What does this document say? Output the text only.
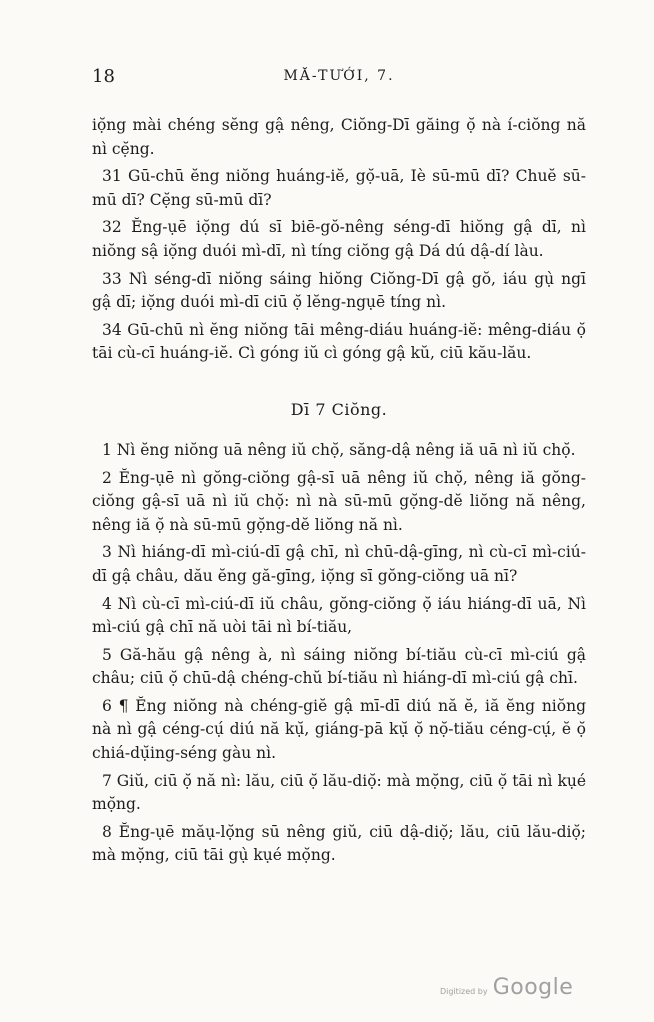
18	MĂ-TƯỚI, 7.

iọ̆ng mài chéng sĕng gậ nêng, Ciŏng-Dī găing ọ̆ nà í-ciŏng nă nì cẹ̆ng.

31 Gū-chū ĕng niŏng huáng-iĕ, gọ̆-uā, Iè sū-mū dī? Chuĕ sū-mū dī? Cẹ̆ng sū-mū dī?

32 Ĕng-ụē iọ̆ng dú sī biē-gŏ-nêng séng-dī hiŏng gậ dī, nì niŏng sậ iọ̆ng duói mì-dī, nì tíng ciŏng gậ Dá dú dậ-dí làu.

33 Nì séng-dī niŏng sáing hiŏng Ciŏng-Dī gậ gŏ, iáu gụ̀ ngī gậ dī; iọ̆ng duói mì-dī ciū ọ̆ lĕng-ngụē tíng nì.

34 Gū-chū nì ĕng niŏng tāi mêng-diáu huáng-iĕ: mêng-diáu ọ̆ tāi cù-cī huáng-iĕ. Cì góng iŭ cì góng gậ kŭ, ciū kău-lău.

Dī 7 Ciŏng.

1 Nì ĕng niŏng uā nêng iŭ chọ̆, săng-dậ nêng iă uā nì iŭ chọ̆.

2 Ĕng-ụē nì gŏng-ciŏng gậ-sī uā nêng iŭ chọ̆, nêng iă gŏng-ciŏng gậ-sī uā nì iŭ chọ̆: nì nà sū-mū gọ̆ng-dĕ liŏng nă nêng, nêng iă ọ̆ nà sū-mū gọ̆ng-dĕ liŏng nă nì.

3 Nì hiáng-dī mì-ciú-dī gậ chī, nì chū-dậ-gīng, nì cù-cī mì-ciú-dī gậ châu, dău ĕng gă-gīng, iọ̆ng sī gŏng-ciŏng uā nī?

4 Nì cù-cī mì-ciú-dī iŭ châu, gŏng-ciŏng ọ̆ iáu hiáng-dī uā, Nì mì-ciú gậ chī nă uòi tāi nì bí-tiău,

5 Gă-hău gậ nêng à, nì sáing niŏng bí-tiău cù-cī mì-ciú gậ châu; ciū ọ̆ chū-dậ chéng-chŭ bí-tiău nì hiáng-dī mì-ciú gậ chī.

6 ¶ Ĕng niŏng nà chéng-giĕ gậ mī-dī diú nă ĕ, iă ĕng niŏng nà nì gậ céng-cụ́ diú nă kụ̆, giáng-pā kụ̆ ọ̆ nọ̆-tiău céng-cụ́, ĕ ọ̆ chiá-dụ̆ing-séng gàu nì.

7 Giŭ, ciū ọ̆ nă nì: lău, ciū ọ̆ lău-diọ̆: mà mọ̆ng, ciū ọ̆ tāi nì kụé mọ̆ng.

8 Ĕng-ụē măụ-lọ̆ng sū nêng giŭ, ciū dậ-diọ̆; lău, ciū lău-diọ̆; mà mọ̆ng, ciū tāi gụ̀ kụé mọ̆ng.

Digitized by Google
